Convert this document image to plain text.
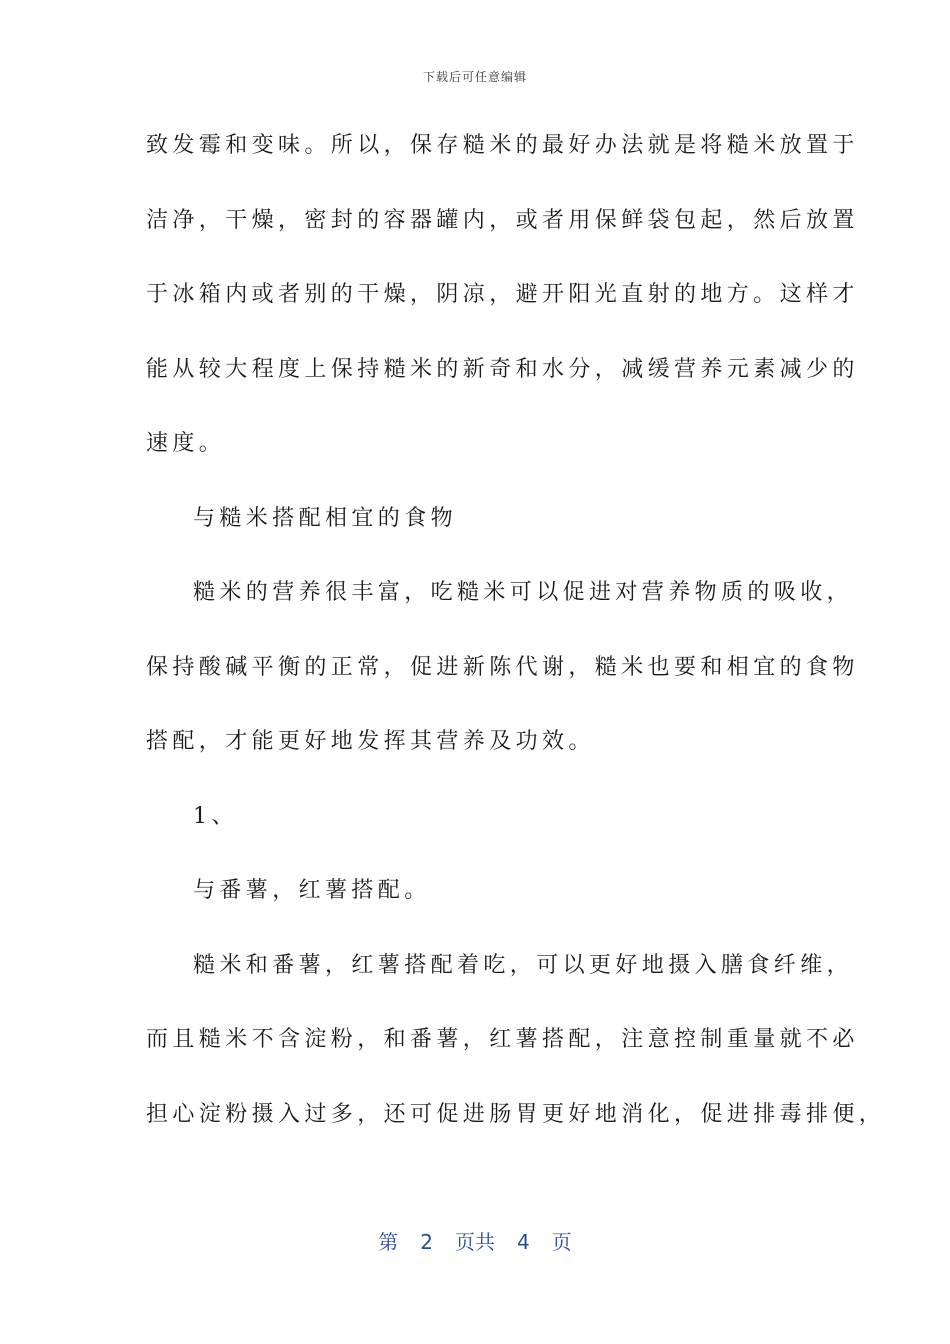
下载后可任意编辑
致发霉和变味。所以，保存糙米的最好办法就是将糙米放置于
洁净，干燥，密封的容器罐内，或者用保鲜袋包起，然后放置
于冰箱内或者别的干燥，阴凉，避开阳光直射的地方。这样才
能从较大程度上保持糙米的新奇和水分，减缓营养元素减少的
速度。
与糙米搭配相宜的食物
糙米的营养很丰富，吃糙米可以促进对营养物质的吸收，
保持酸碱平衡的正常，促进新陈代谢，糙米也要和相宜的食物
搭配，才能更好地发挥其营养及功效。
1、
与番薯，红薯搭配。
糙米和番薯，红薯搭配着吃，可以更好地摄入膳食纤维，
而且糙米不含淀粉，和番薯，红薯搭配，注意控制重量就不必
担心淀粉摄入过多，还可促进肠胃更好地消化，促进排毒排便，
第 2 页共 4 页
